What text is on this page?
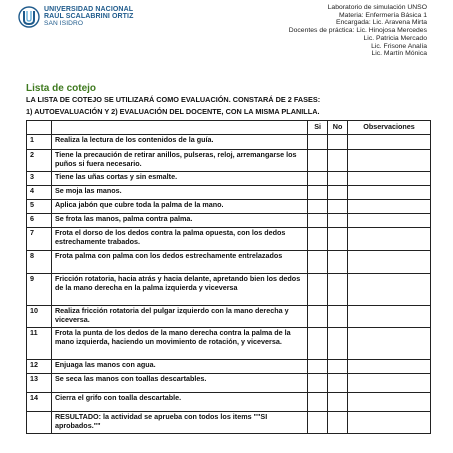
UNIVERSIDAD NACIONAL
RAÚL SCALABRINI ORTIZ
SAN ISIDRO
Laboratorio de simulación UNSO
Materia: Enfermería Básica 1
Encargada: Lic. Aravena Mirta
Docentes de práctica: Lic. Hinojosa Mercedes
Lic. Patricia Mercado
Lic. Frisone Analía
Lic. Martín Mónica
Lista de cotejo
LA LISTA DE COTEJO SE UTILIZARÁ COMO EVALUACIÓN. CONSTARÁ DE 2 FASES:
1) AUTOEVALUACIÓN Y 2) EVALUACIÓN DEL DOCENTE, CON LA MISMA PLANILLA.
		Si	No	Observaciones
1	Realiza la lectura de los contenidos de la guía.			
2	Tiene la precaución de retirar anillos, pulseras, reloj, arremangarse los puños si fuera necesario.			
3	Tiene las uñas cortas y sin esmalte.			
4	Se moja las manos.			
5	Aplica jabón que cubre toda la palma de la mano.			
6	Se frota las manos, palma contra palma.			
7	Frota el dorso de los dedos contra la palma opuesta, con los dedos estrechamente trabados.			
8	Frota palma con palma con los dedos estrechamente entrelazados			
9	Fricción rotatoria, hacia atrás y hacia delante, apretando bien los dedos de la mano derecha en la palma izquierda y viceversa			
10	Realiza fricción rotatoria del pulgar izquierdo con la mano derecha y viceversa.			
11	Frota la punta de los dedos de la mano derecha contra la palma de la mano izquierda, haciendo un movimiento de rotación, y viceversa.			
12	Enjuaga las manos con agua.			
13	Se seca las manos con toallas descartables.			
14	Cierra el grifo con toalla descartable.			
	RESULTADO: la actividad se aprueba con todos los items ""SI aprobados.""			
